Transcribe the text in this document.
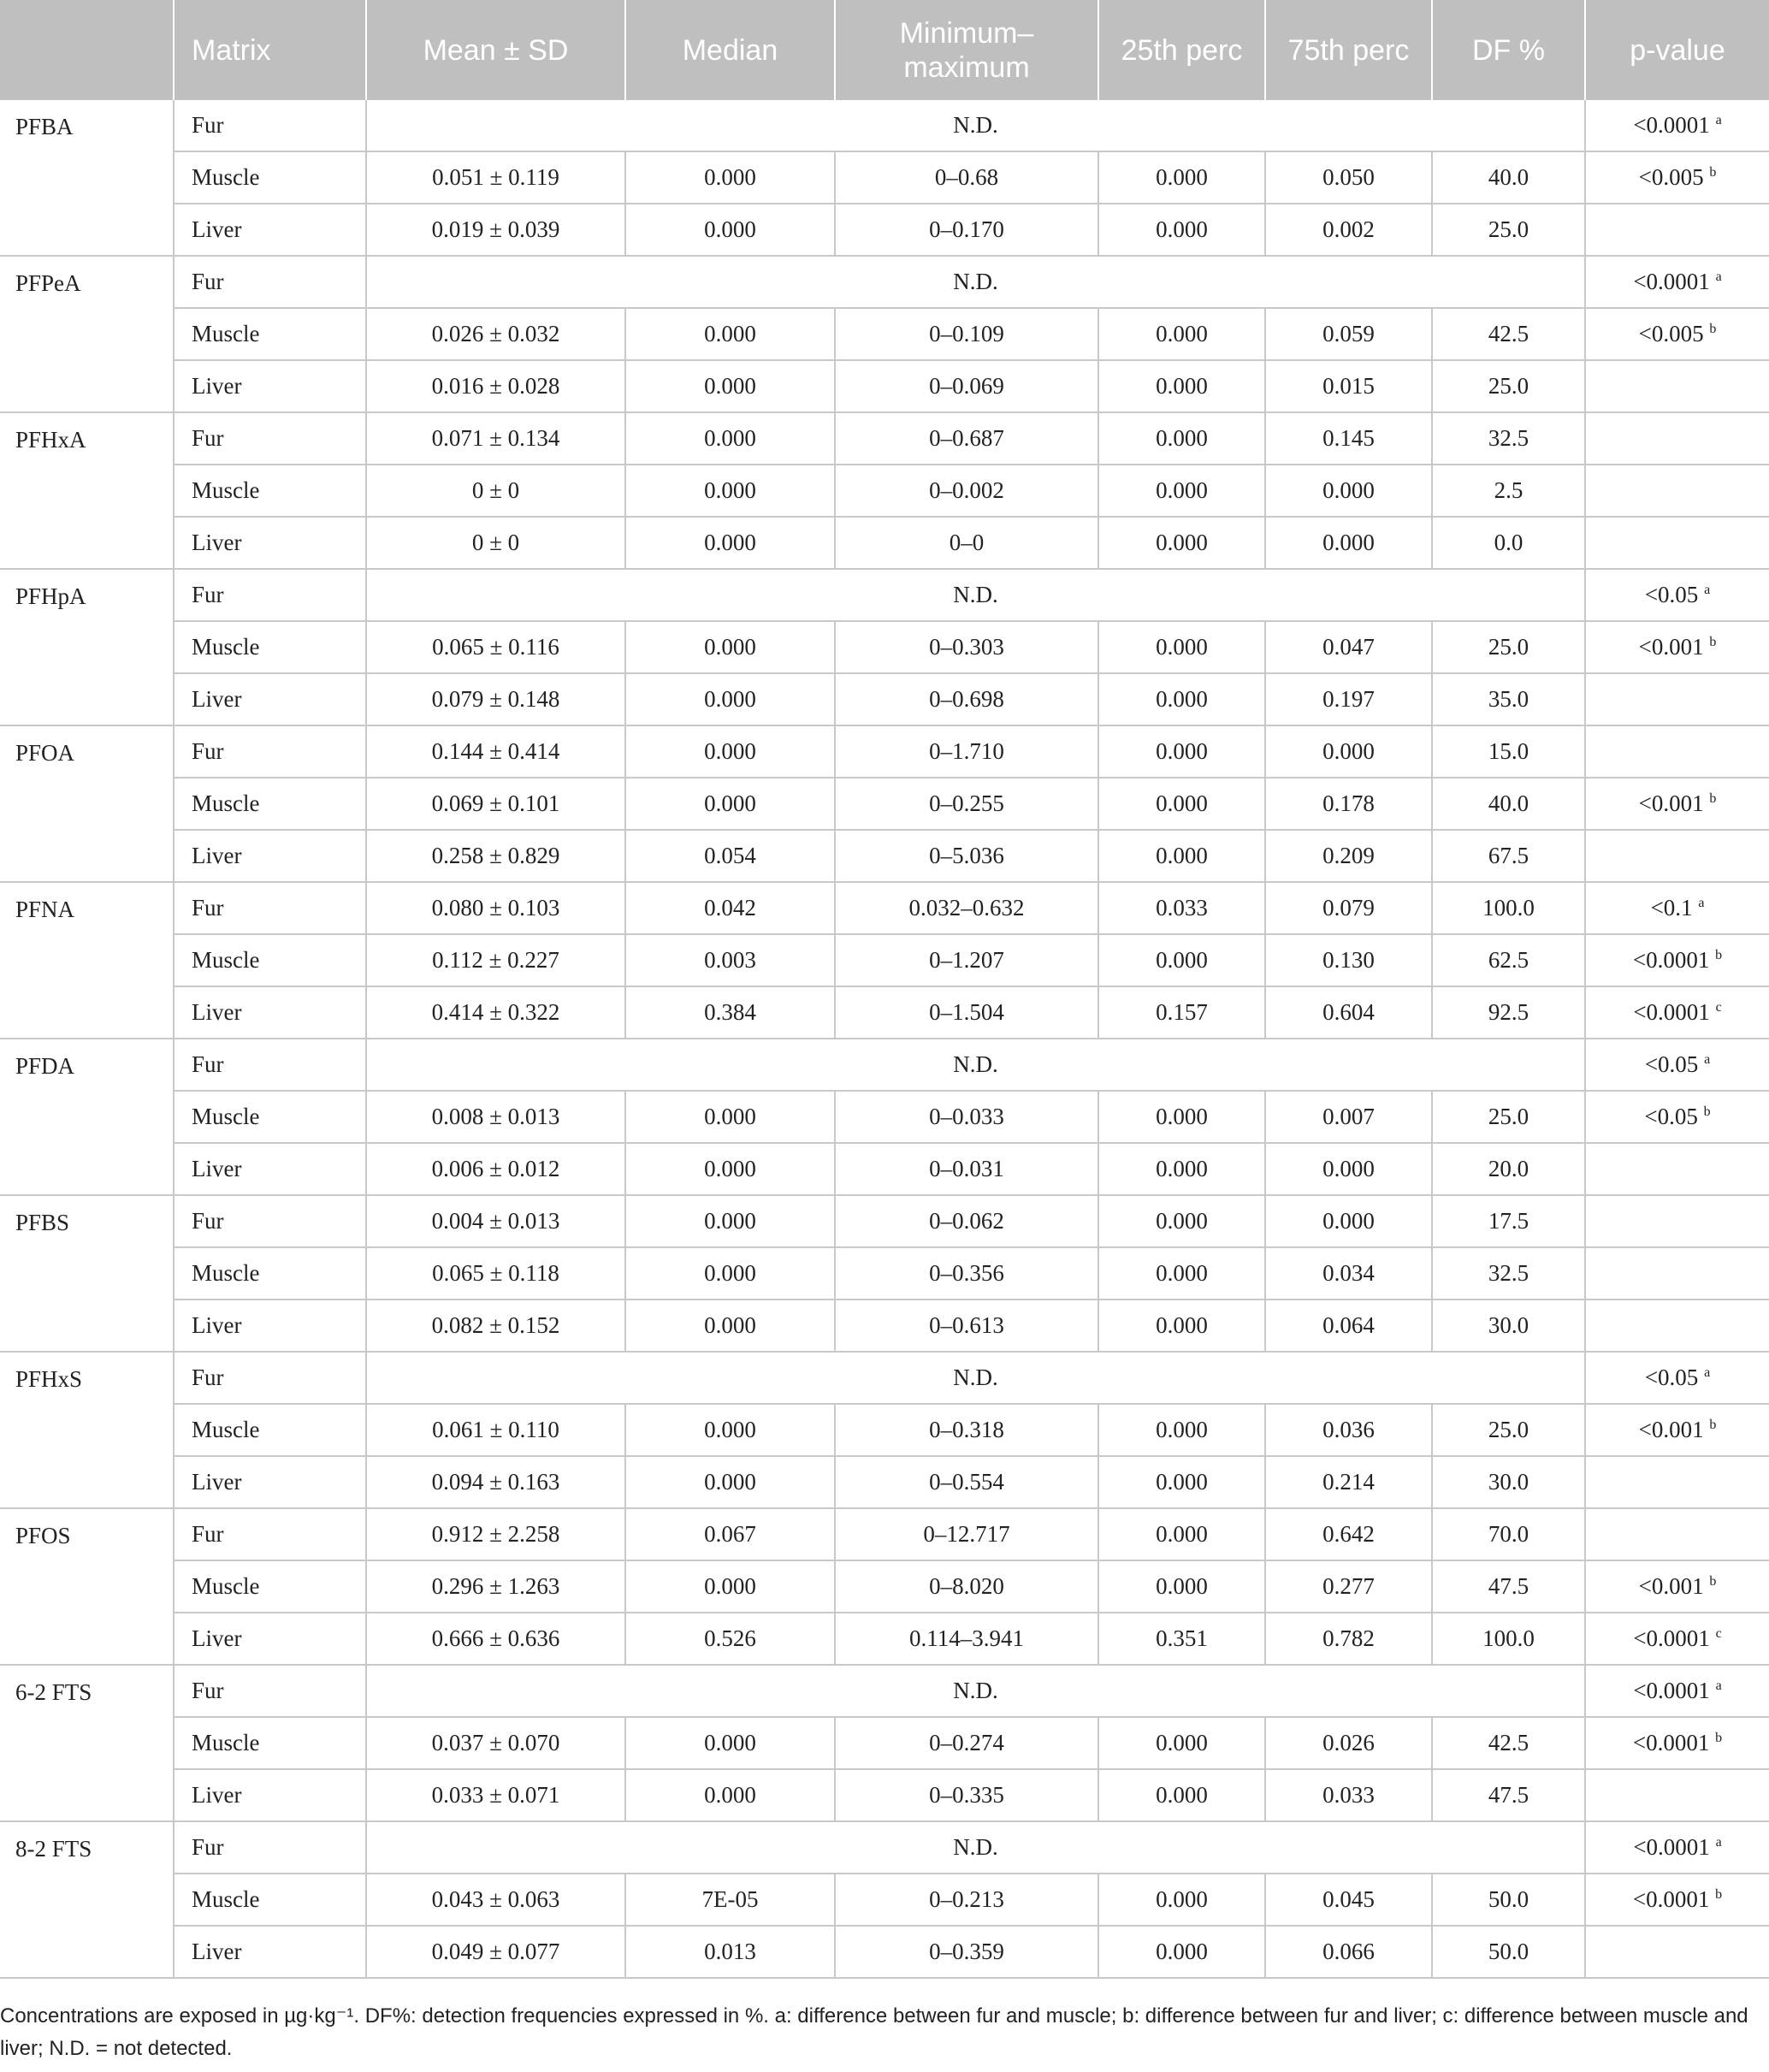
	Matrix	Mean ± SD	Median	Minimum–maximum	25th perc	75th perc	DF %	p-value
PFBA	Fur	N.D.						<0.0001 $^a$
	Muscle	0.051 ± 0.119	0.000	0–0.68	0.000	0.050	40.0	<0.005 $^b$
	Liver	0.019 ± 0.039	0.000	0–0.170	0.000	0.002	25.0	
PFPeA	Fur	N.D.						<0.0001 $^a$
	Muscle	0.026 ± 0.032	0.000	0–0.109	0.000	0.059	42.5	<0.005 $^b$
	Liver	0.016 ± 0.028	0.000	0–0.069	0.000	0.015	25.0	
PFHxA	Fur	0.071 ± 0.134	0.000	0–0.687	0.000	0.145	32.5	
	Muscle	0 ± 0	0.000	0–0.002	0.000	0.000	2.5	
	Liver	0 ± 0	0.000	0–0	0.000	0.000	0.0	
PFHpA	Fur	N.D.						<0.05 $^a$
	Muscle	0.065 ± 0.116	0.000	0–0.303	0.000	0.047	25.0	<0.001 $^b$
	Liver	0.079 ± 0.148	0.000	0–0.698	0.000	0.197	35.0	
PFOA	Fur	0.144 ± 0.414	0.000	0–1.710	0.000	0.000	15.0	
	Muscle	0.069 ± 0.101	0.000	0–0.255	0.000	0.178	40.0	<0.001 $^b$
	Liver	0.258 ± 0.829	0.054	0–5.036	0.000	0.209	67.5	
PFNA	Fur	0.080 ± 0.103	0.042	0.032–0.632	0.033	0.079	100.0	<0.1 $^a$
	Muscle	0.112 ± 0.227	0.003	0–1.207	0.000	0.130	62.5	<0.0001 $^b$
	Liver	0.414 ± 0.322	0.384	0–1.504	0.157	0.604	92.5	<0.0001 $^c$
PFDA	Fur	N.D.						<0.05 $^a$
	Muscle	0.008 ± 0.013	0.000	0–0.033	0.000	0.007	25.0	<0.05 $^b$
	Liver	0.006 ± 0.012	0.000	0–0.031	0.000	0.000	20.0	
PFBS	Fur	0.004 ± 0.013	0.000	0–0.062	0.000	0.000	17.5	
	Muscle	0.065 ± 0.118	0.000	0–0.356	0.000	0.034	32.5	
	Liver	0.082 ± 0.152	0.000	0–0.613	0.000	0.064	30.0	
PFHxS	Fur	N.D.						<0.05 $^a$
	Muscle	0.061 ± 0.110	0.000	0–0.318	0.000	0.036	25.0	<0.001 $^b$
	Liver	0.094 ± 0.163	0.000	0–0.554	0.000	0.214	30.0	
PFOS	Fur	0.912 ± 2.258	0.067	0–12.717	0.000	0.642	70.0	
	Muscle	0.296 ± 1.263	0.000	0–8.020	0.000	0.277	47.5	<0.001 $^b$
	Liver	0.666 ± 0.636	0.526	0.114–3.941	0.351	0.782	100.0	<0.0001 $^c$
6-2 FTS	Fur	N.D.						<0.0001 $^a$
	Muscle	0.037 ± 0.070	0.000	0–0.274	0.000	0.026	42.5	<0.0001 $^b$
	Liver	0.033 ± 0.071	0.000	0–0.335	0.000	0.033	47.5	
8-2 FTS	Fur	N.D.						<0.0001 $^a$
	Muscle	0.043 ± 0.063	7E-05	0–0.213	0.000	0.045	50.0	<0.0001 $^b$
	Liver	0.049 ± 0.077	0.013	0–0.359	0.000	0.066	50.0	
Concentrations are exposed in µg·kg⁻¹. DF%: detection frequencies expressed in %. a: difference between fur and muscle; b: difference between fur and liver; c: difference between muscle and liver; N.D. = not detected.
